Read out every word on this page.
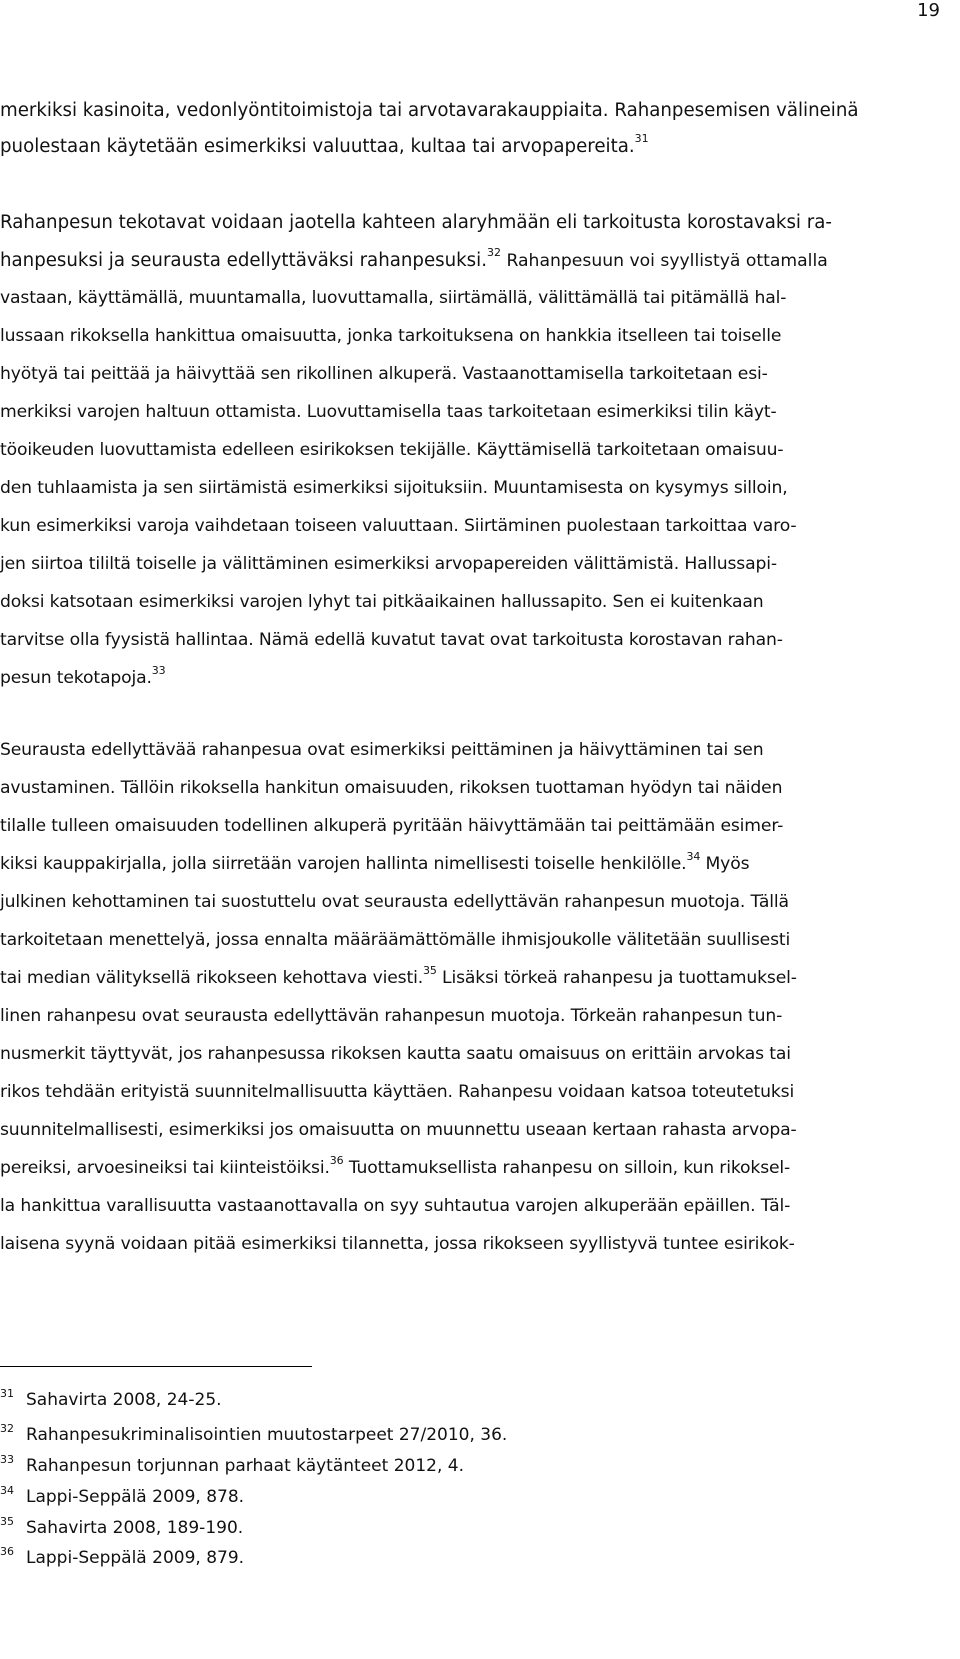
19
merkiksi kasinoita, vedonlyöntitoimistoja tai arvotavarakauppiaita. Rahanpesemisen välineinä
puolestaan käytetään esimerkiksi valuuttaa, kultaa tai arvopapereita.$^{31}$
Rahanpesun tekotavat voidaan jaotella kahteen alaryhmään eli tarkoitusta korostavaksi ra-
hanpesuksi ja seurausta edellyttäväksi rahanpesuksi.$^{32}$ Rahanpesuun voi syyllistyä ottamalla
vastaan, käyttämällä, muuntamalla, luovuttamalla, siirtämällä, välittämällä tai pitämällä hal-
lussaan rikoksella hankittua omaisuutta, jonka tarkoituksena on hankkia itselleen tai toiselle
hyötyä tai peittää ja häivyttää sen rikollinen alkuperä. Vastaanottamisella tarkoitetaan esi-
merkiksi varojen haltuun ottamista. Luovuttamisella taas tarkoitetaan esimerkiksi tilin käyt-
töoikeuden luovuttamista edelleen esirikoksen tekijälle. Käyttämisellä tarkoitetaan omaisuu-
den tuhlaamista ja sen siirtämistä esimerkiksi sijoituksiin. Muuntamisesta on kysymys silloin,
kun esimerkiksi varoja vaihdetaan toiseen valuuttaan. Siirtäminen puolestaan tarkoittaa varo-
jen siirtoa tililtä toiselle ja välittäminen esimerkiksi arvopapereiden välittämistä. Hallussapi-
doksi katsotaan esimerkiksi varojen lyhyt tai pitkäaikainen hallussapito. Sen ei kuitenkaan
tarvitse olla fyysistä hallintaa. Nämä edellä kuvatut tavat ovat tarkoitusta korostavan rahan-
pesun tekotapoja.$^{33}$
Seurausta edellyttävää rahanpesua ovat esimerkiksi peittäminen ja häivyttäminen tai sen
avustaminen. Tällöin rikoksella hankitun omaisuuden, rikoksen tuottaman hyödyn tai näiden
tilalle tulleen omaisuuden todellinen alkuperä pyritään häivyttämään tai peittämään esimer-
kiksi kauppakirjalla, jolla siirretään varojen hallinta nimellisesti toiselle henkilölle.$^{34}$ Myös
julkinen kehottaminen tai suostuttelu ovat seurausta edellyttävän rahanpesun muotoja. Tällä
tarkoitetaan menettelyä, jossa ennalta määräämättömälle ihmisjoukolle välitetään suullisesti
tai median välityksellä rikokseen kehottava viesti.$^{35}$ Lisäksi törkeä rahanpesu ja tuottamuksel-
linen rahanpesu ovat seurausta edellyttävän rahanpesun muotoja. Törkeän rahanpesun tun-
nusmerkit täyttyvät, jos rahanpesussa rikoksen kautta saatu omaisuus on erittäin arvokas tai
rikos tehdään erityistä suunnitelmallisuutta käyttäen. Rahanpesu voidaan katsoa toteutetuksi
suunnitelmallisesti, esimerkiksi jos omaisuutta on muunnettu useaan kertaan rahasta arvopa-
pereiksi, arvoesineiksi tai kiinteistöiksi.$^{36}$ Tuottamuksellista rahanpesu on silloin, kun rikoksel-
la hankittua varallisuutta vastaanottavalla on syy suhtautua varojen alkuperään epäillen. Täl-
laisena syynä voidaan pitää esimerkiksi tilannetta, jossa rikokseen syyllistyvä tuntee esirikok-
31 Sahavirta 2008, 24-25.
32 Rahanpesukriminalisointien muutostarpeet 27/2010, 36.
33 Rahanpesun torjunnan parhaat käytänteet 2012, 4.
34 Lappi-Seppälä 2009, 878.
35 Sahavirta 2008, 189-190.
36 Lappi-Seppälä 2009, 879.
